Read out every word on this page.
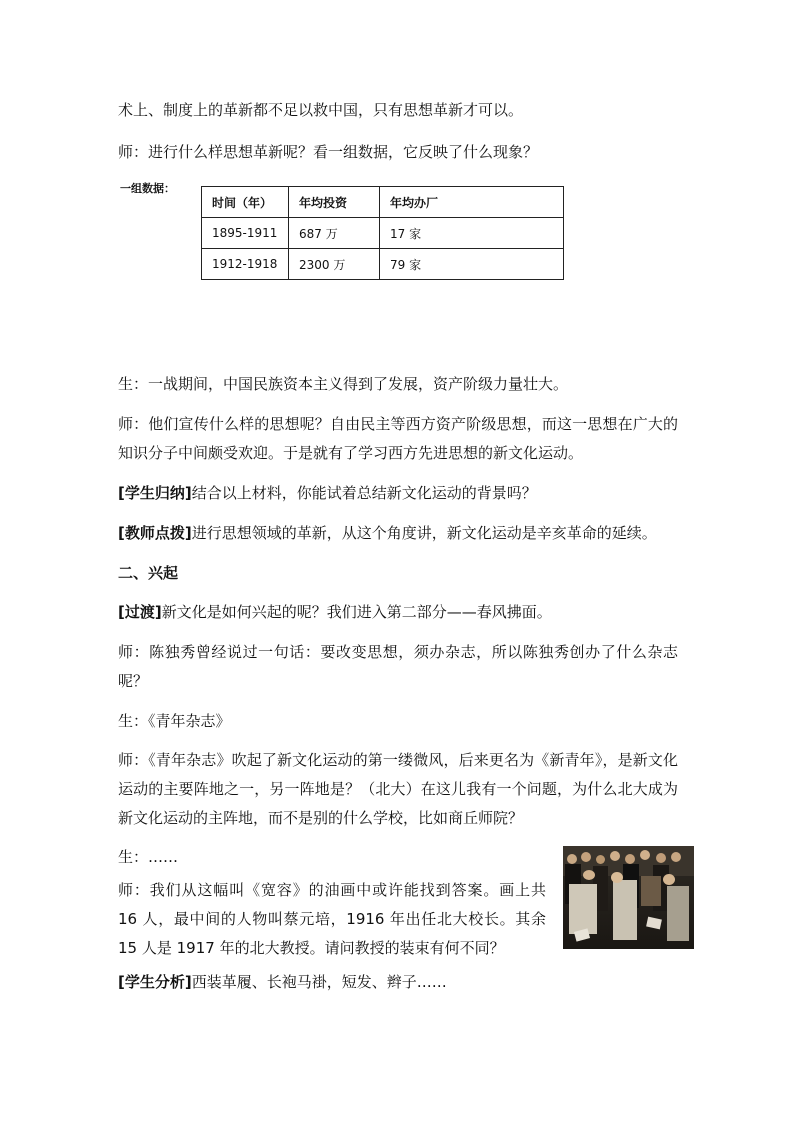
术上、制度上的革新都不足以救中国，只有思想革新才可以。

师：进行什么样思想革新呢？看一组数据，它反映了什么现象？

一组数据：

时间（年）	年均投资	年均办厂
1895-1911	687 万	17 家
1912-1918	2300 万	79 家

生：一战期间，中国民族资本主义得到了发展，资产阶级力量壮大。

师：他们宣传什么样的思想呢？自由民主等西方资产阶级思想，而这一思想在广大的知识分子中间颇受欢迎。于是就有了学习西方先进思想的新文化运动。

[学生归纳]结合以上材料，你能试着总结新文化运动的背景吗？

[教师点拨]进行思想领域的革新，从这个角度讲，新文化运动是辛亥革命的延续。

二、兴起

[过渡]新文化是如何兴起的呢？我们进入第二部分——春风拂面。

师：陈独秀曾经说过一句话：要改变思想，须办杂志，所以陈独秀创办了什么杂志呢？

生：《青年杂志》

师：《青年杂志》吹起了新文化运动的第一缕微风，后来更名为《新青年》，是新文化运动的主要阵地之一，另一阵地是？（北大）在这儿我有一个问题，为什么北大成为新文化运动的主阵地，而不是别的什么学校，比如商丘师院？

生：……

师：我们从这幅叫《宽容》的油画中或许能找到答案。画上共 16 人，最中间的人物叫蔡元培，1916 年出任北大校长。其余 15 人是 1917 年的北大教授。请问教授的装束有何不同？

[学生分析]西装革履、长袍马褂，短发、辫子……
